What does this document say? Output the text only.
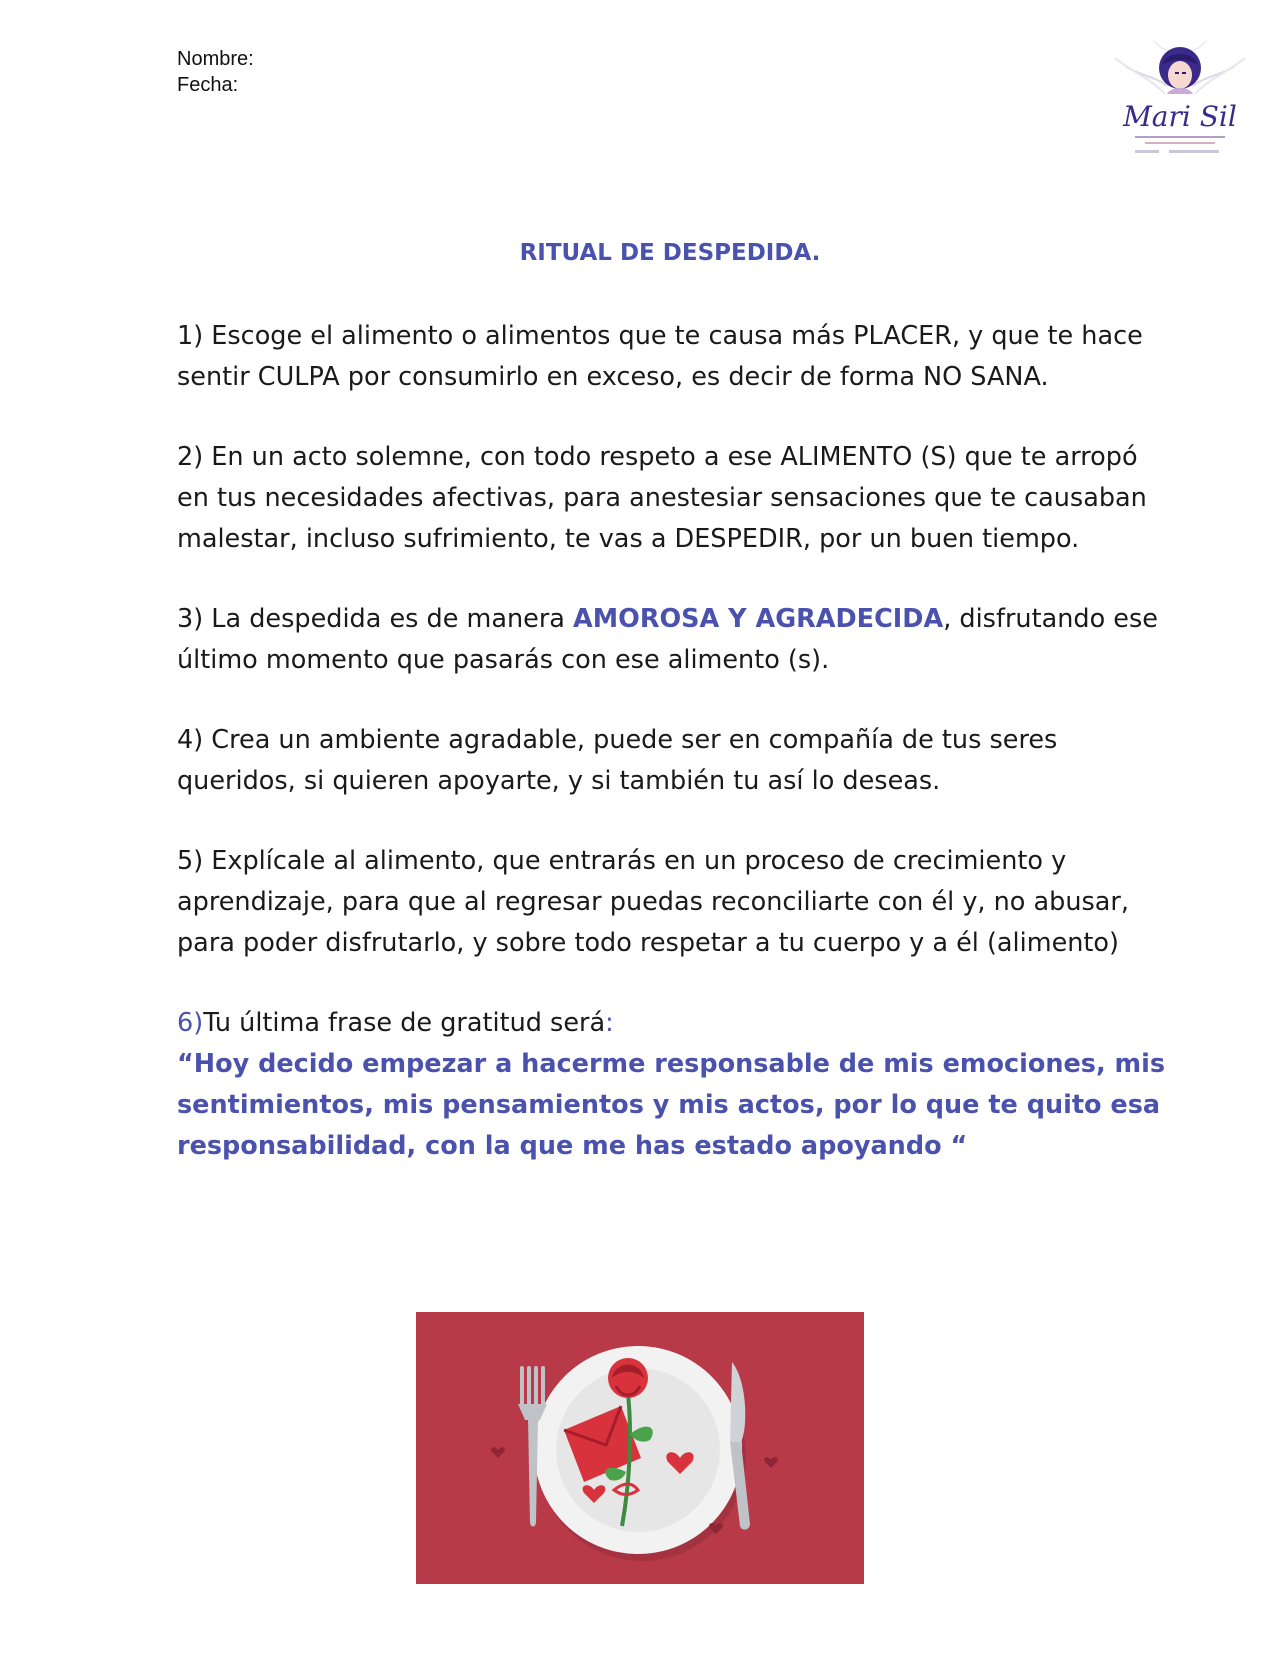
Nombre:
Fecha:
Mari Sil
RITUAL DE DESPEDIDA.

1) Escoge el alimento o alimentos que te causa más PLACER, y que te hace sentir CULPA por consumirlo en exceso, es decir de forma NO SANA.

2) En un acto solemne, con todo respeto a ese ALIMENTO (S) que te arropó en tus necesidades afectivas, para anestesiar sensaciones que te causaban malestar, incluso sufrimiento, te vas a DESPEDIR, por un buen tiempo.

3) La despedida es de manera AMOROSA Y AGRADECIDA, disfrutando ese último momento que pasarás con ese alimento (s).

4) Crea un ambiente agradable, puede ser en compañía de tus seres queridos, si quieren apoyarte, y si también tu así lo deseas.

5) Explícale al alimento, que entrarás en un proceso de crecimiento y aprendizaje, para que al regresar puedas reconciliarte con él y, no abusar, para poder disfrutarlo, y sobre todo respetar a tu cuerpo y a él (alimento)

6)Tu última frase de gratitud será:
“Hoy decido empezar a hacerme responsable de mis emociones, mis sentimientos, mis pensamientos y mis actos, por lo que te quito esa responsabilidad, con la que me has estado apoyando “
